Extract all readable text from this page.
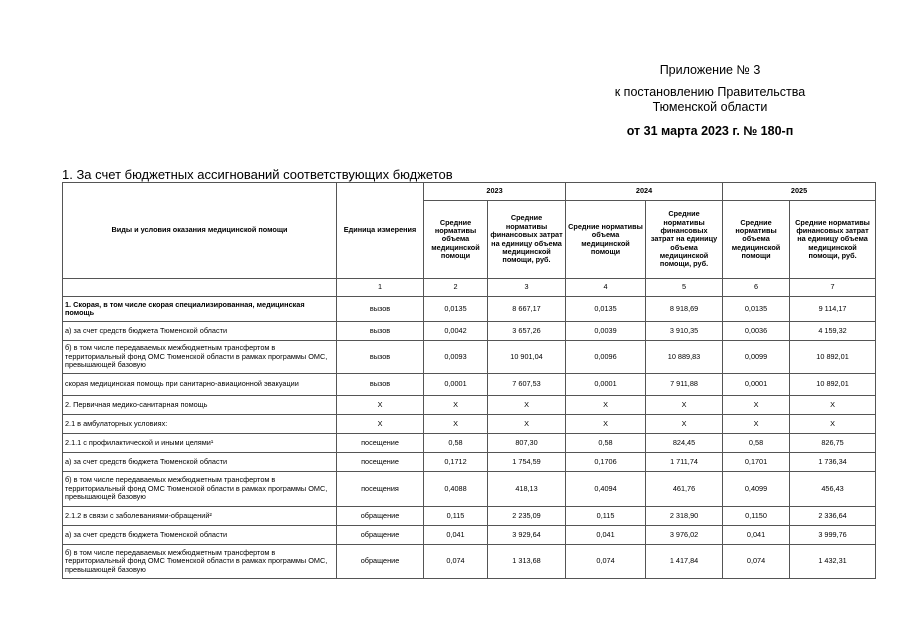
Приложение № 3
к постановлению Правительства
Тюменской области
от 31 марта 2023 г. № 180-п
1. За счет бюджетных ассигнований соответствующих бюджетов
Виды и условия оказания медицинской помощи	Единица измерения	2023		2024		2025	
		Средние нормативы объема медицинской помощи	Средние нормативы финансовых затрат на единицу объема медицинской помощи, руб.	Средние нормативы объема медицинской помощи	Средние нормативы финансовых затрат на единицу объема медицинской помощи, руб.	Средние нормативы объема медицинской помощи	Средние нормативы финансовых затрат на единицу объема медицинской помощи, руб.
	1	2	3	4	5	6	7
1. Скорая, в том числе скорая специализированная, медицинская помощь	вызов	0,0135	8 667,17	0,0135	8 918,69	0,0135	9 114,17
а) за счет средств бюджета Тюменской области	вызов	0,0042	3 657,26	0,0039	3 910,35	0,0036	4 159,32
б) в том числе передаваемых межбюджетным трансфертом в территориальный фонд ОМС Тюменской области в рамках программы ОМС, превышающей базовую	вызов	0,0093	10 901,04	0,0096	10 889,83	0,0099	10 892,01
скорая медицинская помощь при санитарно-авиационной эвакуации	вызов	0,0001	7 607,53	0,0001	7 911,88	0,0001	10 892,01
2. Первичная медико-санитарная помощь	Х	Х	Х	Х	Х	Х	Х
2.1 в амбулаторных условиях:	Х	Х	Х	Х	Х	Х	Х
2.1.1 с профилактической и иными целями¹	посещение	0,58	807,30	0,58	824,45	0,58	826,75
а) за счет средств бюджета Тюменской области	посещение	0,1712	1 754,59	0,1706	1 711,74	0,1701	1 736,34
б) в том числе передаваемых межбюджетным трансфертом в территориальный фонд ОМС Тюменской области в рамках программы ОМС, превышающей базовую	посещения	0,4088	418,13	0,4094	461,76	0,4099	456,43
2.1.2 в связи с заболеваниями-обращений²	обращение	0,115	2 235,09	0,115	2 318,90	0,1150	2 336,64
а) за счет средств бюджета Тюменской области	обращение	0,041	3 929,64	0,041	3 976,02	0,041	3 999,76
б) в том числе передаваемых межбюджетным трансфертом в территориальный фонд ОМС Тюменской области в рамках программы ОМС, превышающей базовую	обращение	0,074	1 313,68	0,074	1 417,84	0,074	1 432,31
